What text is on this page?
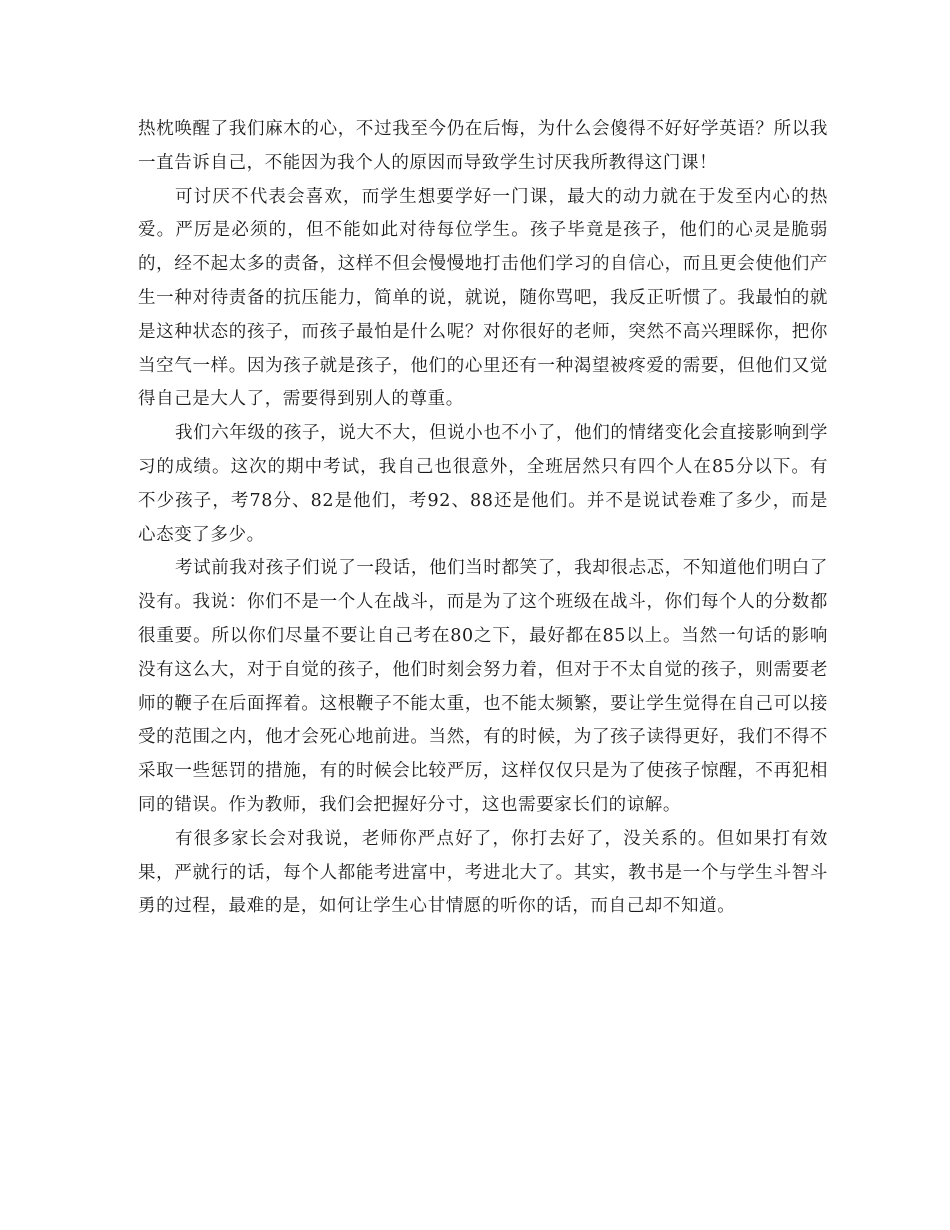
热枕唤醒了我们麻木的心，不过我至今仍在后悔，为什么会傻得不好好学英语？所以我一直告诉自己，不能因为我个人的原因而导致学生讨厌我所教得这门课！

可讨厌不代表会喜欢，而学生想要学好一门课，最大的动力就在于发至内心的热爱。严厉是必须的，但不能如此对待每位学生。孩子毕竟是孩子，他们的心灵是脆弱的，经不起太多的责备，这样不但会慢慢地打击他们学习的自信心，而且更会使他们产生一种对待责备的抗压能力，简单的说，就说，随你骂吧，我反正听惯了。我最怕的就是这种状态的孩子，而孩子最怕是什么呢？对你很好的老师，突然不高兴理睬你，把你当空气一样。因为孩子就是孩子，他们的心里还有一种渴望被疼爱的需要，但他们又觉得自己是大人了，需要得到别人的尊重。

我们六年级的孩子，说大不大，但说小也不小了，他们的情绪变化会直接影响到学习的成绩。这次的期中考试，我自己也很意外，全班居然只有四个人在85分以下。有不少孩子，考78分、82是他们，考92、88还是他们。并不是说试卷难了多少，而是心态变了多少。

考试前我对孩子们说了一段话，他们当时都笑了，我却很忐忑，不知道他们明白了没有。我说：你们不是一个人在战斗，而是为了这个班级在战斗，你们每个人的分数都很重要。所以你们尽量不要让自己考在80之下，最好都在85以上。当然一句话的影响没有这么大，对于自觉的孩子，他们时刻会努力着，但对于不太自觉的孩子，则需要老师的鞭子在后面挥着。这根鞭子不能太重，也不能太频繁，要让学生觉得在自己可以接受的范围之内，他才会死心地前进。当然，有的时候，为了孩子读得更好，我们不得不采取一些惩罚的措施，有的时候会比较严厉，这样仅仅只是为了使孩子惊醒，不再犯相同的错误。作为教师，我们会把握好分寸，这也需要家长们的谅解。

有很多家长会对我说，老师你严点好了，你打去好了，没关系的。但如果打有效果，严就行的话，每个人都能考进富中，考进北大了。其实，教书是一个与学生斗智斗勇的过程，最难的是，如何让学生心甘情愿的听你的话，而自己却不知道。
